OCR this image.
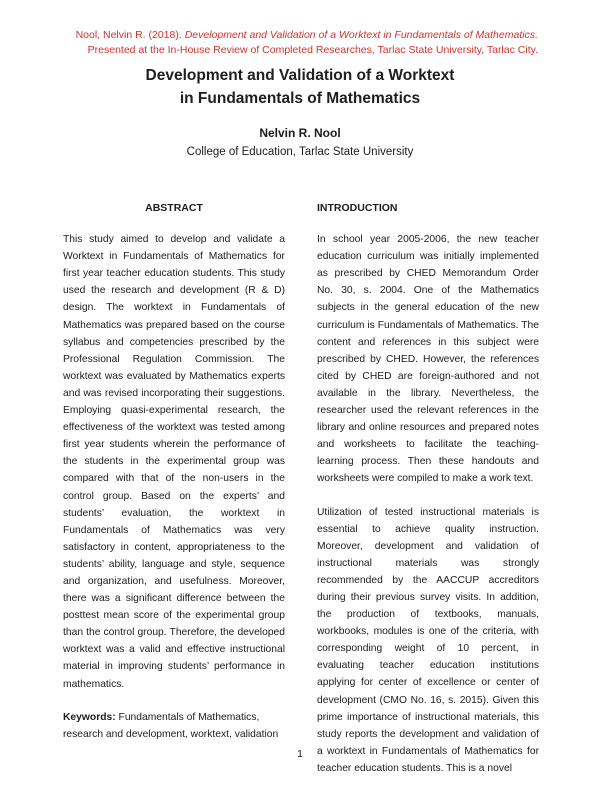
Nool, Nelvin R. (2018). Development and Validation of a Worktext in Fundamentals of Mathematics.
Presented at the In-House Review of Completed Researches, Tarlac State University, Tarlac City.
Development and Validation of a Worktext
in Fundamentals of Mathematics
Nelvin R. Nool
College of Education, Tarlac State University
ABSTRACT

This study aimed to develop and validate a Worktext in Fundamentals of Mathematics for first year teacher education students. This study used the research and development (R & D) design. The worktext in Fundamentals of Mathematics was prepared based on the course syllabus and competencies prescribed by the Professional Regulation Commission. The worktext was evaluated by Mathematics experts and was revised incorporating their suggestions. Employing quasi-experimental research, the effectiveness of the worktext was tested among first year students wherein the performance of the students in the experimental group was compared with that of the non-users in the control group. Based on the experts’ and students’ evaluation, the worktext in Fundamentals of Mathematics was very satisfactory in content, appropriateness to the students’ ability, language and style, sequence and organization, and usefulness. Moreover, there was a significant difference between the posttest mean score of the experimental group than the control group. Therefore, the developed worktext was a valid and effective instructional material in improving students’ performance in mathematics.

Keywords: Fundamentals of Mathematics, research and development, worktext, validation

INTRODUCTION

In school year 2005-2006, the new teacher education curriculum was initially implemented as prescribed by CHED Memorandum Order No. 30, s. 2004. One of the Mathematics subjects in the general education of the new curriculum is Fundamentals of Mathematics. The content and references in this subject were prescribed by CHED. However, the references cited by CHED are foreign-authored and not available in the library. Nevertheless, the researcher used the relevant references in the library and online resources and prepared notes and worksheets to facilitate the teaching-learning process. Then these handouts and worksheets were compiled to make a work text.

Utilization of tested instructional materials is essential to achieve quality instruction. Moreover, development and validation of instructional materials was strongly recommended by the AACCUP accreditors during their previous survey visits. In addition, the production of textbooks, manuals, workbooks, modules is one of the criteria, with corresponding weight of 10 percent, in evaluating teacher education institutions applying for center of excellence or center of development (CMO No. 16, s. 2015). Given this prime importance of instructional materials, this study reports the development and validation of a worktext in Fundamentals of Mathematics for teacher education students. This is a novel

1
